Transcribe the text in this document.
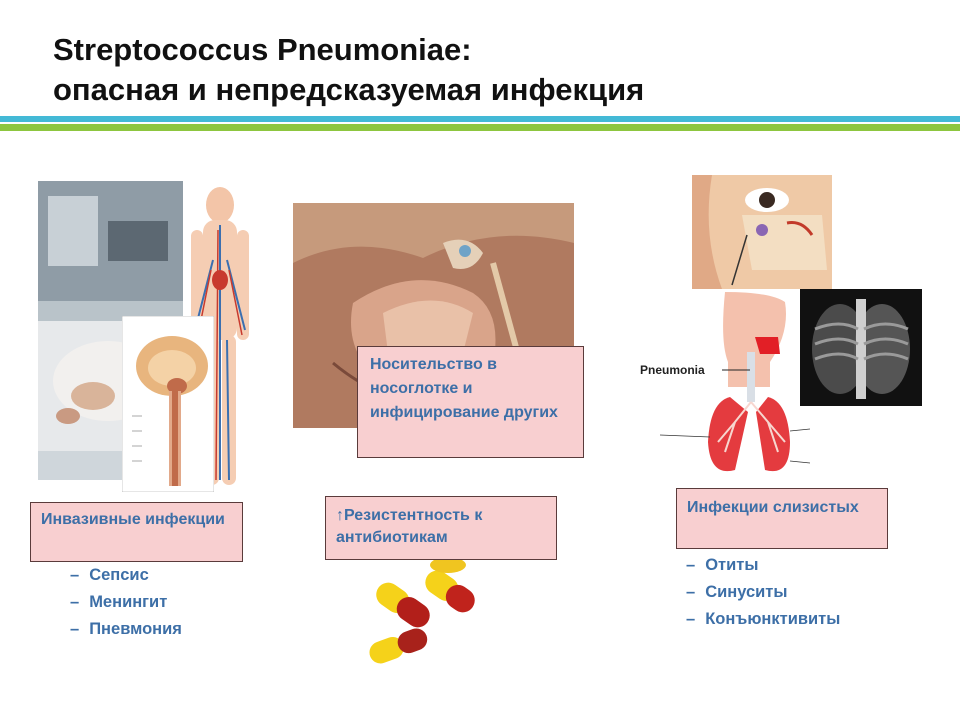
Streptococcus Pneumoniae:
опасная и непредсказуемая инфекция
Инвазивные инфекции
– Сепсис
– Менингит
– Пневмония
Носительство в носоглотке и инфицирование других
↑Резистентность к антибиотикам
Pneumonia
Инфекции слизистых
– Отиты
– Синуситы
– Конъюнктивиты
